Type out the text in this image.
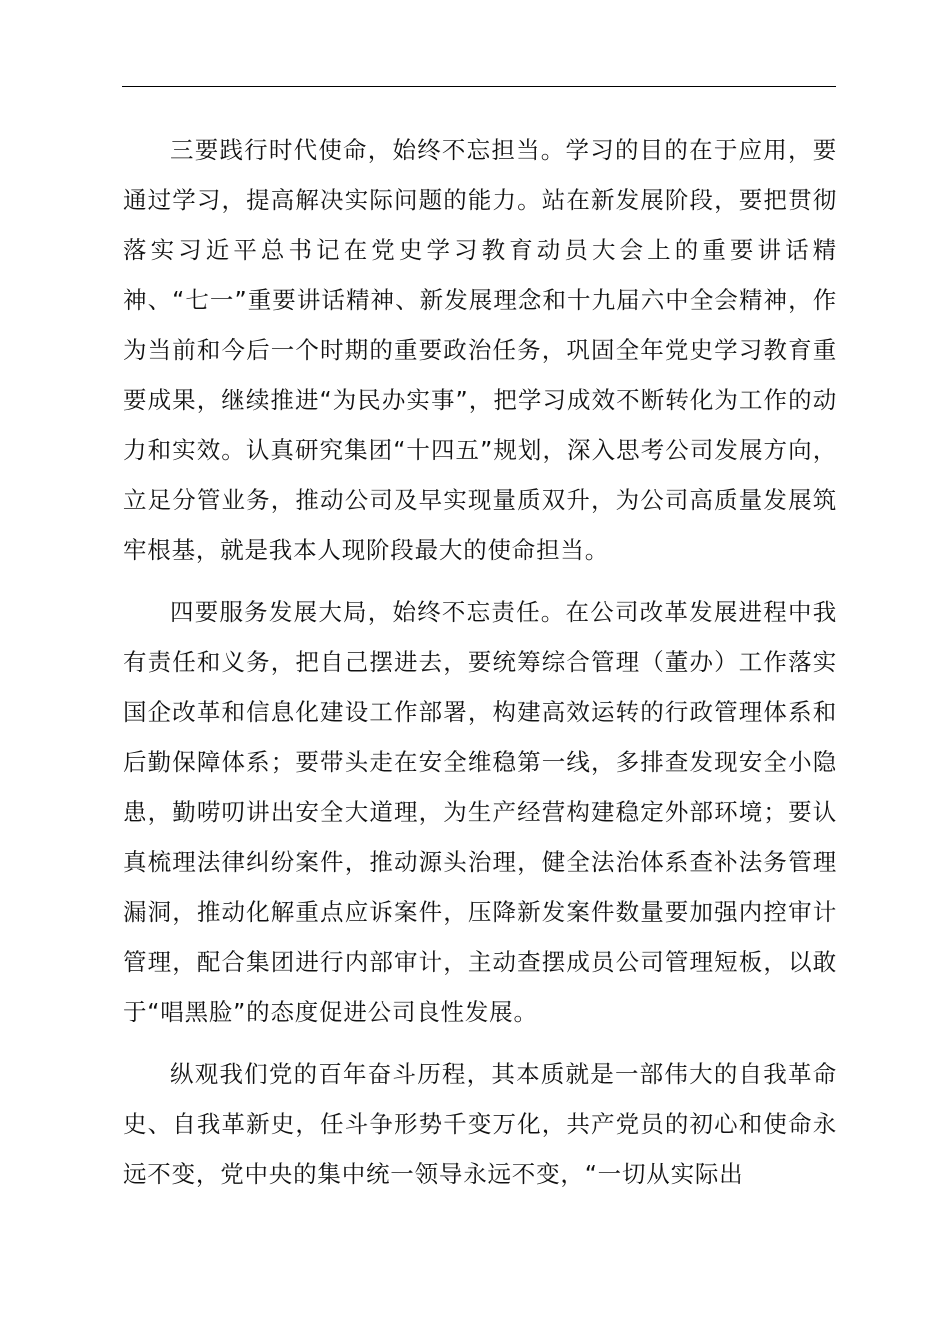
三要践行时代使命，始终不忘担当。学习的目的在于应用，要通过学习，提高解决实际问题的能力。站在新发展阶段，要把贯彻落实习近平总书记在党史学习教育动员大会上的重要讲话精神、“七一”重要讲话精神、新发展理念和十九届六中全会精神，作为当前和今后一个时期的重要政治任务，巩固全年党史学习教育重要成果，继续推进“为民办实事”，把学习成效不断转化为工作的动力和实效。认真研究集团“十四五”规划，深入思考公司发展方向，立足分管业务，推动公司及早实现量质双升，为公司高质量发展筑牢根基，就是我本人现阶段最大的使命担当。

四要服务发展大局，始终不忘责任。在公司改革发展进程中我有责任和义务，把自己摆进去，要统筹综合管理（董办）工作落实国企改革和信息化建设工作部署，构建高效运转的行政管理体系和后勤保障体系；要带头走在安全维稳第一线，多排查发现安全小隐患，勤唠叨讲出安全大道理，为生产经营构建稳定外部环境；要认真梳理法律纠纷案件，推动源头治理，健全法治体系查补法务管理漏洞，推动化解重点应诉案件，压降新发案件数量要加强内控审计管理，配合集团进行内部审计，主动查摆成员公司管理短板，以敢于“唱黑脸”的态度促进公司良性发展。

纵观我们党的百年奋斗历程，其本质就是一部伟大的自我革命史、自我革新史，任斗争形势千变万化，共产党员的初心和使命永远不变，党中央的集中统一领导永远不变，“一切从实际出
